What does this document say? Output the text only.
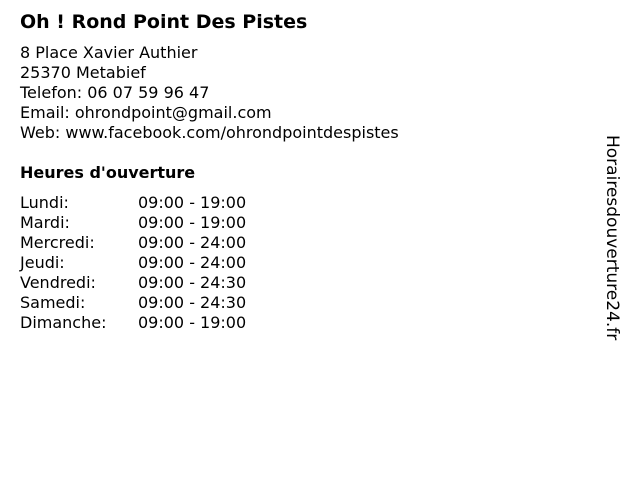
Oh ! Rond Point Des Pistes
8 Place Xavier Authier
25370 Metabief
Telefon: 06 07 59 96 47
Email: ohrondpoint@gmail.com
Web: www.facebook.com/ohrondpointdespistes
Heures d'ouverture
Lundi:	09:00 - 19:00
Mardi:	09:00 - 19:00
Mercredi:	09:00 - 24:00
Jeudi:	09:00 - 24:00
Vendredi:	09:00 - 24:30
Samedi:	09:00 - 24:30
Dimanche:	09:00 - 19:00	Horairesdouverture24.fr
